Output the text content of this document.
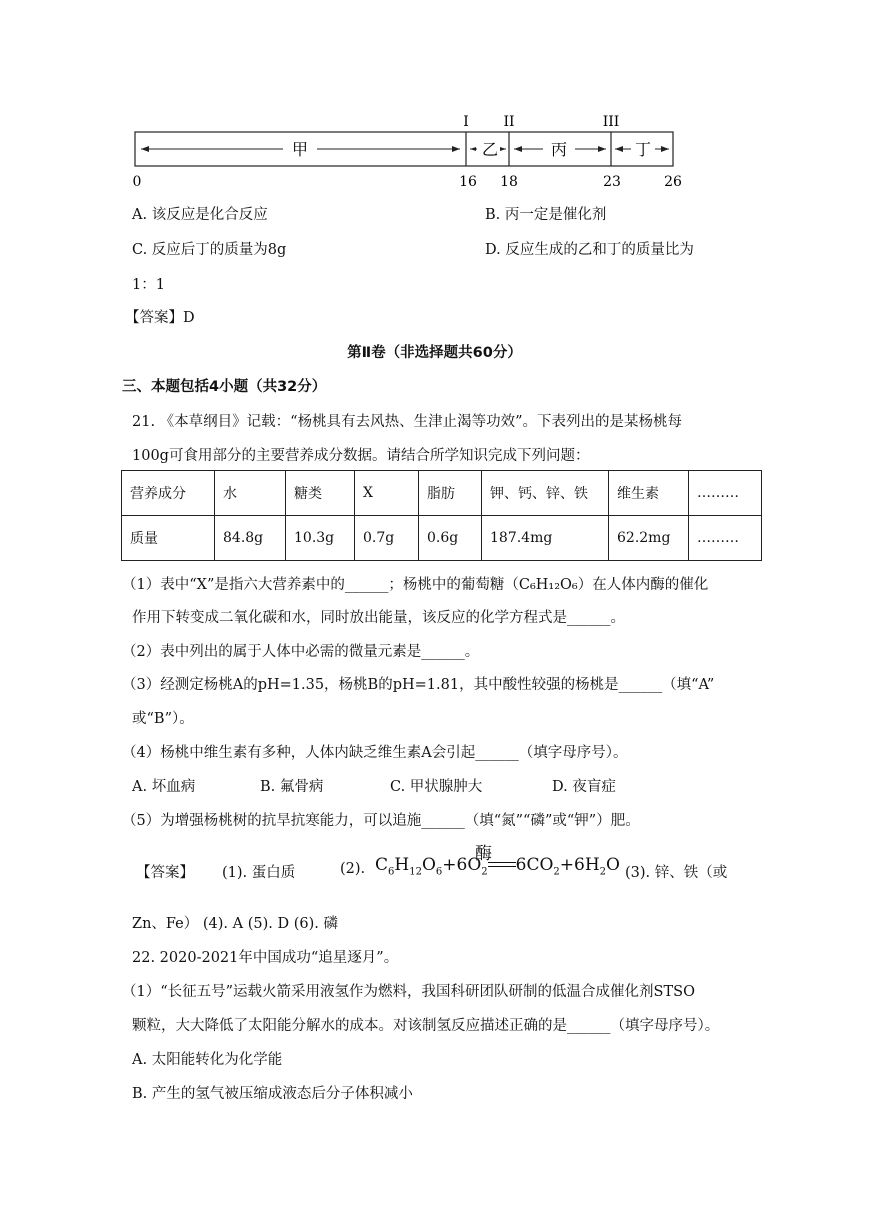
甲	乙	丙	丁
I II	III
0	16 18	23	26
A. 该反应是化合反应	B. 丙一定是催化剂
C. 反应后丁的质量为8g	D. 反应生成的乙和丁的质量比为
1：1
【答案】D
第Ⅱ卷（非选择题共60分）
三、本题包括4小题（共32分）
21. 《本草纲目》记载：“杨桃具有去风热、生津止渴等功效”。下表列出的是某杨桃每
100g可食用部分的主要营养成分数据。请结合所学知识完成下列问题：
营养成分	水	糖类	X	脂肪	钾、钙、锌、铁	维生素	………
质量	84.8g	10.3g	0.7g	0.6g	187.4mg	62.2mg	………
（1）表中“X”是指六大营养素中的______；杨桃中的葡萄糖（C₆H₁₂O₆）在人体内酶的催化
作用下转变成二氧化碳和水，同时放出能量，该反应的化学方程式是______。
（2）表中列出的属于人体中必需的微量元素是______。
（3）经测定杨桃A的pH=1.35，杨桃B的pH=1.81，其中酸性较强的杨桃是______（填“A”
或“B”）。
（4）杨桃中维生素有多种，人体内缺乏维生素A会引起______（填字母序号）。
A. 坏血病	B. 氟骨病	C. 甲状腺肿大	D. 夜盲症
（5）为增强杨桃树的抗旱抗寒能力，可以追施______（填“氮”“磷”或“钾”）肥。
【答案】 (1). 蛋白质	(2).
酶
$C_6H_{12}O_6+6O_2$ $6CO_2+6H_2O$ (3). 锌、铁（或
Zn、Fe） (4). A (5). D (6). 磷
22. 2020-2021年中国成功“追星逐月”。
（1）“长征五号”运载火箭采用液氢作为燃料，我国科研团队研制的低温合成催化剂STSO
颗粒，大大降低了太阳能分解水的成本。对该制氢反应描述正确的是______（填字母序号）。
A. 太阳能转化为化学能
B. 产生的氢气被压缩成液态后分子体积减小
